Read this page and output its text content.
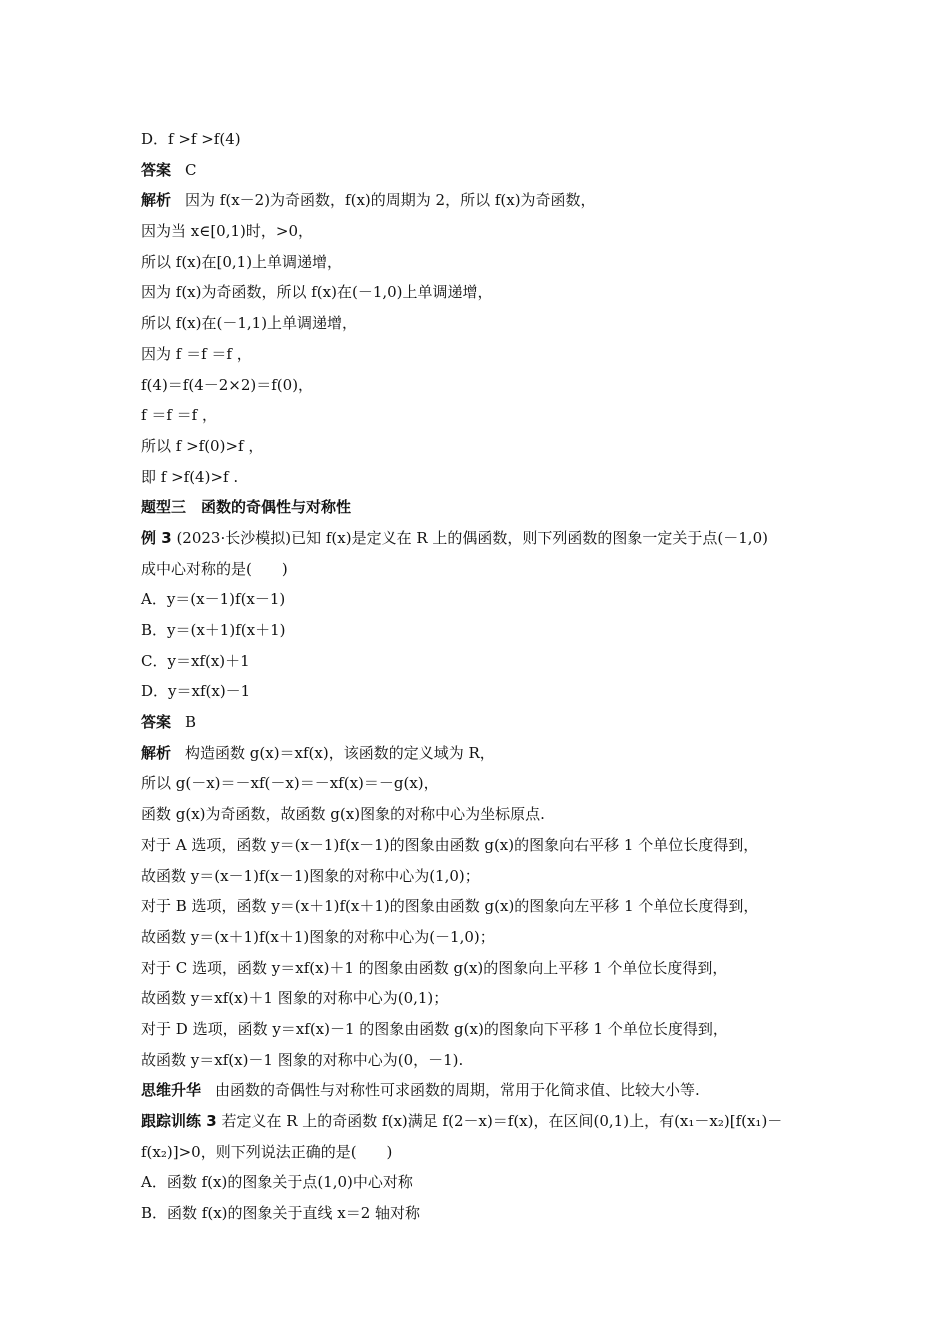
D．f >f >f(4)
答案 C
解析 因为 f(x－2)为奇函数，f(x)的周期为 2，所以 f(x)为奇函数，
因为当 x∈[0,1)时，>0，
所以 f(x)在[0,1)上单调递增，
因为 f(x)为奇函数，所以 f(x)在(－1,0)上单调递增，
所以 f(x)在(－1,1)上单调递增，
因为 f ＝f ＝f ，
f(4)＝f(4－2×2)＝f(0)，
f ＝f ＝f ，
所以 f >f(0)>f ，
即 f >f(4)>f .
题型三　函数的奇偶性与对称性
例 3 (2023·长沙模拟)已知 f(x)是定义在 R 上的偶函数，则下列函数的图象一定关于点(－1,0)
成中心对称的是(　　)
A．y＝(x－1)f(x－1)
B．y＝(x＋1)f(x＋1)
C．y＝xf(x)＋1
D．y＝xf(x)－1
答案 B
解析 构造函数 g(x)＝xf(x)，该函数的定义域为 R，
所以 g(－x)＝－xf(－x)＝－xf(x)＝－g(x)，
函数 g(x)为奇函数，故函数 g(x)图象的对称中心为坐标原点.
对于 A 选项，函数 y＝(x－1)f(x－1)的图象由函数 g(x)的图象向右平移 1 个单位长度得到，
故函数 y＝(x－1)f(x－1)图象的对称中心为(1,0)；
对于 B 选项，函数 y＝(x＋1)f(x＋1)的图象由函数 g(x)的图象向左平移 1 个单位长度得到，
故函数 y＝(x＋1)f(x＋1)图象的对称中心为(－1,0)；
对于 C 选项，函数 y＝xf(x)＋1 的图象由函数 g(x)的图象向上平移 1 个单位长度得到，
故函数 y＝xf(x)＋1 图象的对称中心为(0,1)；
对于 D 选项，函数 y＝xf(x)－1 的图象由函数 g(x)的图象向下平移 1 个单位长度得到，
故函数 y＝xf(x)－1 图象的对称中心为(0，－1).
思维升华 由函数的奇偶性与对称性可求函数的周期，常用于化简求值、比较大小等.
跟踪训练 3 若定义在 R 上的奇函数 f(x)满足 f(2－x)＝f(x)，在区间(0,1)上，有(x₁－x₂)[f(x₁)－
f(x₂)]>0，则下列说法正确的是(　　)
A．函数 f(x)的图象关于点(1,0)中心对称
B．函数 f(x)的图象关于直线 x＝2 轴对称
